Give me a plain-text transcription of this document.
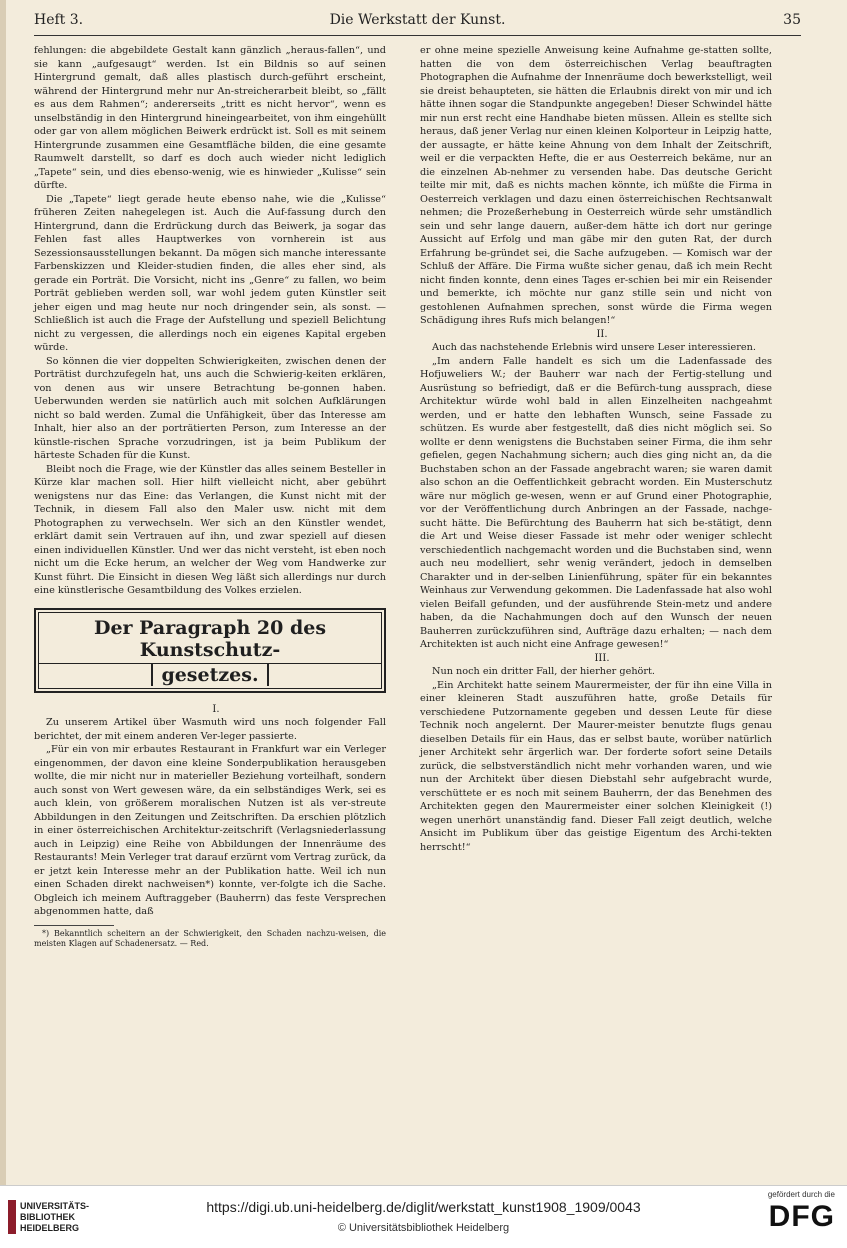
Heft 3.	Die Werkstatt der Kunst.	35

fehlungen: die abgebildete Gestalt kann gänzlich „heraus-fallen“, und sie kann „aufgesaugt“ werden. Ist ein Bildnis so auf seinen Hintergrund gemalt, daß alles plastisch durch-geführt erscheint, während der Hintergrund mehr nur An-streicherarbeit bleibt, so „fällt es aus dem Rahmen“; andererseits „tritt es nicht hervor“, wenn es unselbständig in den Hintergrund hineingearbeitet, von ihm eingehüllt oder gar von allem möglichen Beiwerk erdrückt ist. Soll es mit seinem Hintergrunde zusammen eine Gesamtfläche bilden, die eine gesamte Raumwelt darstellt, so darf es doch auch wieder nicht lediglich „Tapete“ sein, und dies ebenso-wenig, wie es hinwieder „Kulisse“ sein dürfte.

Die „Tapete“ liegt gerade heute ebenso nahe, wie die „Kulisse“ früheren Zeiten nahegelegen ist. Auch die Auf-fassung durch den Hintergrund, dann die Erdrückung durch das Beiwerk, ja sogar das Fehlen fast alles Hauptwerkes von vornherein ist aus Sezessionsausstellungen bekannt. Da mögen sich manche interessante Farbenskizzen und Kleider-studien finden, die alles eher sind, als gerade ein Porträt. Die Vorsicht, nicht ins „Genre“ zu fallen, wo beim Porträt geblieben werden soll, war wohl jedem guten Künstler seit jeher eigen und mag heute nur noch dringender sein, als sonst. — Schließlich ist auch die Frage der Aufstellung und speziell Belichtung nicht zu vergessen, die allerdings noch ein eigenes Kapital ergeben würde.

So können die vier doppelten Schwierigkeiten, zwischen denen der Porträtist durchzufegeln hat, uns auch die Schwierig-keiten erklären, von denen aus wir unsere Betrachtung be-gonnen haben. Ueberwunden werden sie natürlich auch mit solchen Aufklärungen nicht so bald werden. Zumal die Unfähigkeit, über das Interesse am Inhalt, hier also an der porträtierten Person, zum Interesse an der künstle-rischen Sprache vorzudringen, ist ja beim Publikum der härteste Schaden für die Kunst.

Bleibt noch die Frage, wie der Künstler das alles seinem Besteller in Kürze klar machen soll. Hier hilft vielleicht nicht, aber gebührt wenigstens nur das Eine: das Verlangen, die Kunst nicht mit der Technik, in diesem Fall also den Maler usw. nicht mit dem Photographen zu verwechseln. Wer sich an den Künstler wendet, erklärt damit sein Vertrauen auf ihn, und zwar speziell auf diesen einen individuellen Künstler. Und wer das nicht versteht, ist eben noch nicht um die Ecke herum, an welcher der Weg vom Handwerke zur Kunst führt. Die Einsicht in diesen Weg läßt sich allerdings nur durch eine künstlerische Gesamtbildung des Volkes erzielen.

Der Paragraph 20 des Kunstschutz-
gesetzes.

I.

Zu unserem Artikel über Wasmuth wird uns noch folgender Fall berichtet, der mit einem anderen Ver-leger passierte.

„Für ein von mir erbautes Restaurant in Frankfurt war ein Verleger eingenommen, der davon eine kleine Sonderpublikation herausgeben wollte, die mir nicht nur in materieller Beziehung vorteilhaft, sondern auch sonst von Wert gewesen wäre, da ein selbständiges Werk, sei es auch klein, von größerem moralischen Nutzen ist als ver-streute Abbildungen in den Zeitungen und Zeitschriften. Da erschien plötzlich in einer österreichischen Architektur-zeitschrift (Verlagsniederlassung auch in Leipzig) eine Reihe von Abbildungen der Innenräume des Restaurants! Mein Verleger trat darauf erzürnt vom Vertrag zurück, da er jetzt kein Interesse mehr an der Publikation hatte. Weil ich nun einen Schaden direkt nachweisen*) konnte, ver-folgte ich die Sache. Obgleich ich meinem Auftraggeber (Bauherrn) das feste Versprechen abgenommen hatte, daß

*) Bekanntlich scheitern an der Schwierigkeit, den Schaden nachzu-weisen, die meisten Klagen auf Schadenersatz. — Red.

er ohne meine spezielle Anweisung keine Aufnahme ge-statten sollte, hatten die von dem österreichischen Verlag beauftragten Photographen die Aufnahme der Innenräume doch bewerkstelligt, weil sie dreist behaupteten, sie hätten die Erlaubnis direkt von mir und ich hätte ihnen sogar die Standpunkte angegeben! Dieser Schwindel hätte mir nun erst recht eine Handhabe bieten müssen. Allein es stellte sich heraus, daß jener Verlag nur einen kleinen Kolporteur in Leipzig hatte, der aussagte, er hätte keine Ahnung von dem Inhalt der Zeitschrift, weil er die verpackten Hefte, die er aus Oesterreich bekäme, nur an die einzelnen Ab-nehmer zu versenden habe. Das deutsche Gericht teilte mir mit, daß es nichts machen könnte, ich müßte die Firma in Oesterreich verklagen und dazu einen österreichischen Rechtsanwalt nehmen; die Prozeßerhebung in Oesterreich würde sehr umständlich sein und sehr lange dauern, außer-dem hätte ich dort nur geringe Aussicht auf Erfolg und man gäbe mir den guten Rat, der durch Erfahrung be-gründet sei, die Sache aufzugeben. — Komisch war der Schluß der Affäre. Die Firma wußte sicher genau, daß ich mein Recht nicht finden konnte, denn eines Tages er-schien bei mir ein Reisender und bemerkte, ich möchte nur ganz stille sein und nicht von gestohlenen Aufnahmen sprechen, sonst würde die Firma wegen Schädigung ihres Rufs mich belangen!“

II.

Auch das nachstehende Erlebnis wird unsere Leser interessieren.

„Im andern Falle handelt es sich um die Ladenfassade des Hofjuweliers W.; der Bauherr war nach der Fertig-stellung und Ausrüstung so befriedigt, daß er die Befürch-tung aussprach, diese Architektur würde wohl bald in allen Einzelheiten nachgeahmt werden, und er hatte den lebhaften Wunsch, seine Fassade zu schützen. Es wurde aber festgestellt, daß dies nicht möglich sei. So wollte er denn wenigstens die Buchstaben seiner Firma, die ihm sehr gefielen, gegen Nachahmung sichern; auch dies ging nicht an, da die Buchstaben schon an der Fassade angebracht waren; sie waren damit also schon an die Oeffentlichkeit gebracht worden. Ein Musterschutz wäre nur möglich ge-wesen, wenn er auf Grund einer Photographie, vor der Veröffentlichung durch Anbringen an der Fassade, nachge-sucht hätte. Die Befürchtung des Bauherrn hat sich be-stätigt, denn die Art und Weise dieser Fassade ist mehr oder weniger schlecht verschiedentlich nachgemacht worden und die Buchstaben sind, wenn auch neu modelliert, sehr wenig verändert, jedoch in demselben Charakter und in der-selben Linienführung, später für ein bekanntes Weinhaus zur Verwendung gekommen. Die Ladenfassade hat also wohl vielen Beifall gefunden, und der ausführende Stein-metz und andere haben, da die Nachahmungen doch auf den Wunsch der neuen Bauherren zurückzuführen sind, Aufträge dazu erhalten; — nach dem Architekten ist auch nicht eine Anfrage gewesen!“

III.

Nun noch ein dritter Fall, der hierher gehört.

„Ein Architekt hatte seinem Maurermeister, der für ihn eine Villa in einer kleineren Stadt auszuführen hatte, große Details für verschiedene Putzornamente gegeben und dessen Leute für diese Technik noch angelernt. Der Maurer-meister benutzte flugs genau dieselben Details für ein Haus, das er selbst baute, worüber natürlich jener Architekt sehr ärgerlich war. Der forderte sofort seine Details zurück, die selbstverständlich nicht mehr vorhanden waren, und wie nun der Architekt über diesen Diebstahl sehr aufgebracht wurde, verschüttete er es noch mit seinem Bauherrn, der das Benehmen des Architekten gegen den Maurermeister einer solchen Kleinigkeit (!) wegen unerhört unanständig fand. Dieser Fall zeigt deutlich, welche Ansicht im Publikum über das geistige Eigentum des Archi-tekten herrscht!“

UNIVERSITÄTS-
BIBLIOTHEK
HEIDELBERG
https://digi.ub.uni-heidelberg.de/diglit/werkstatt_kunst1908_1909/0043
© Universitätsbibliothek Heidelberg
gefördert durch die
DFG
